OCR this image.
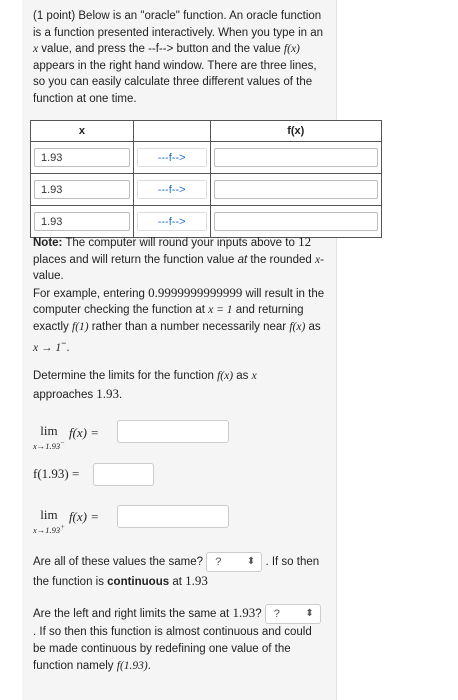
(1 point) Below is an "oracle" function. An oracle function is a function presented interactively. When you type in an x value, and press the --f--> button and the value f(x) appears in the right hand window. There are three lines, so you can easily calculate three different values of the function at one time.

x		f(x)

1.93	---f-->	

1.93	---f-->	

1.93	---f-->	

Note: The computer will round your inputs above to 12 places and will return the function value at the rounded x-value.
For example, entering 0.9999999999999 will result in the computer checking the function at x = 1 and returning exactly f(1) rather than a number necessarily near f(x) as x → 1−.
Determine the limits for the function f(x) as x
approaches 1.93.
lim
x→1.93−
f(x) =
f(1.93) =
lim
x→1.93+
f(x) =
Are all of these values the same? ?	⬍ . If so then the function is continuous at 1.93
Are the left and right limits the same at 1.93? ?	⬍
. If so then this function is almost continuous and could be made continuous by redefining one value of the function namely f(1.93).
